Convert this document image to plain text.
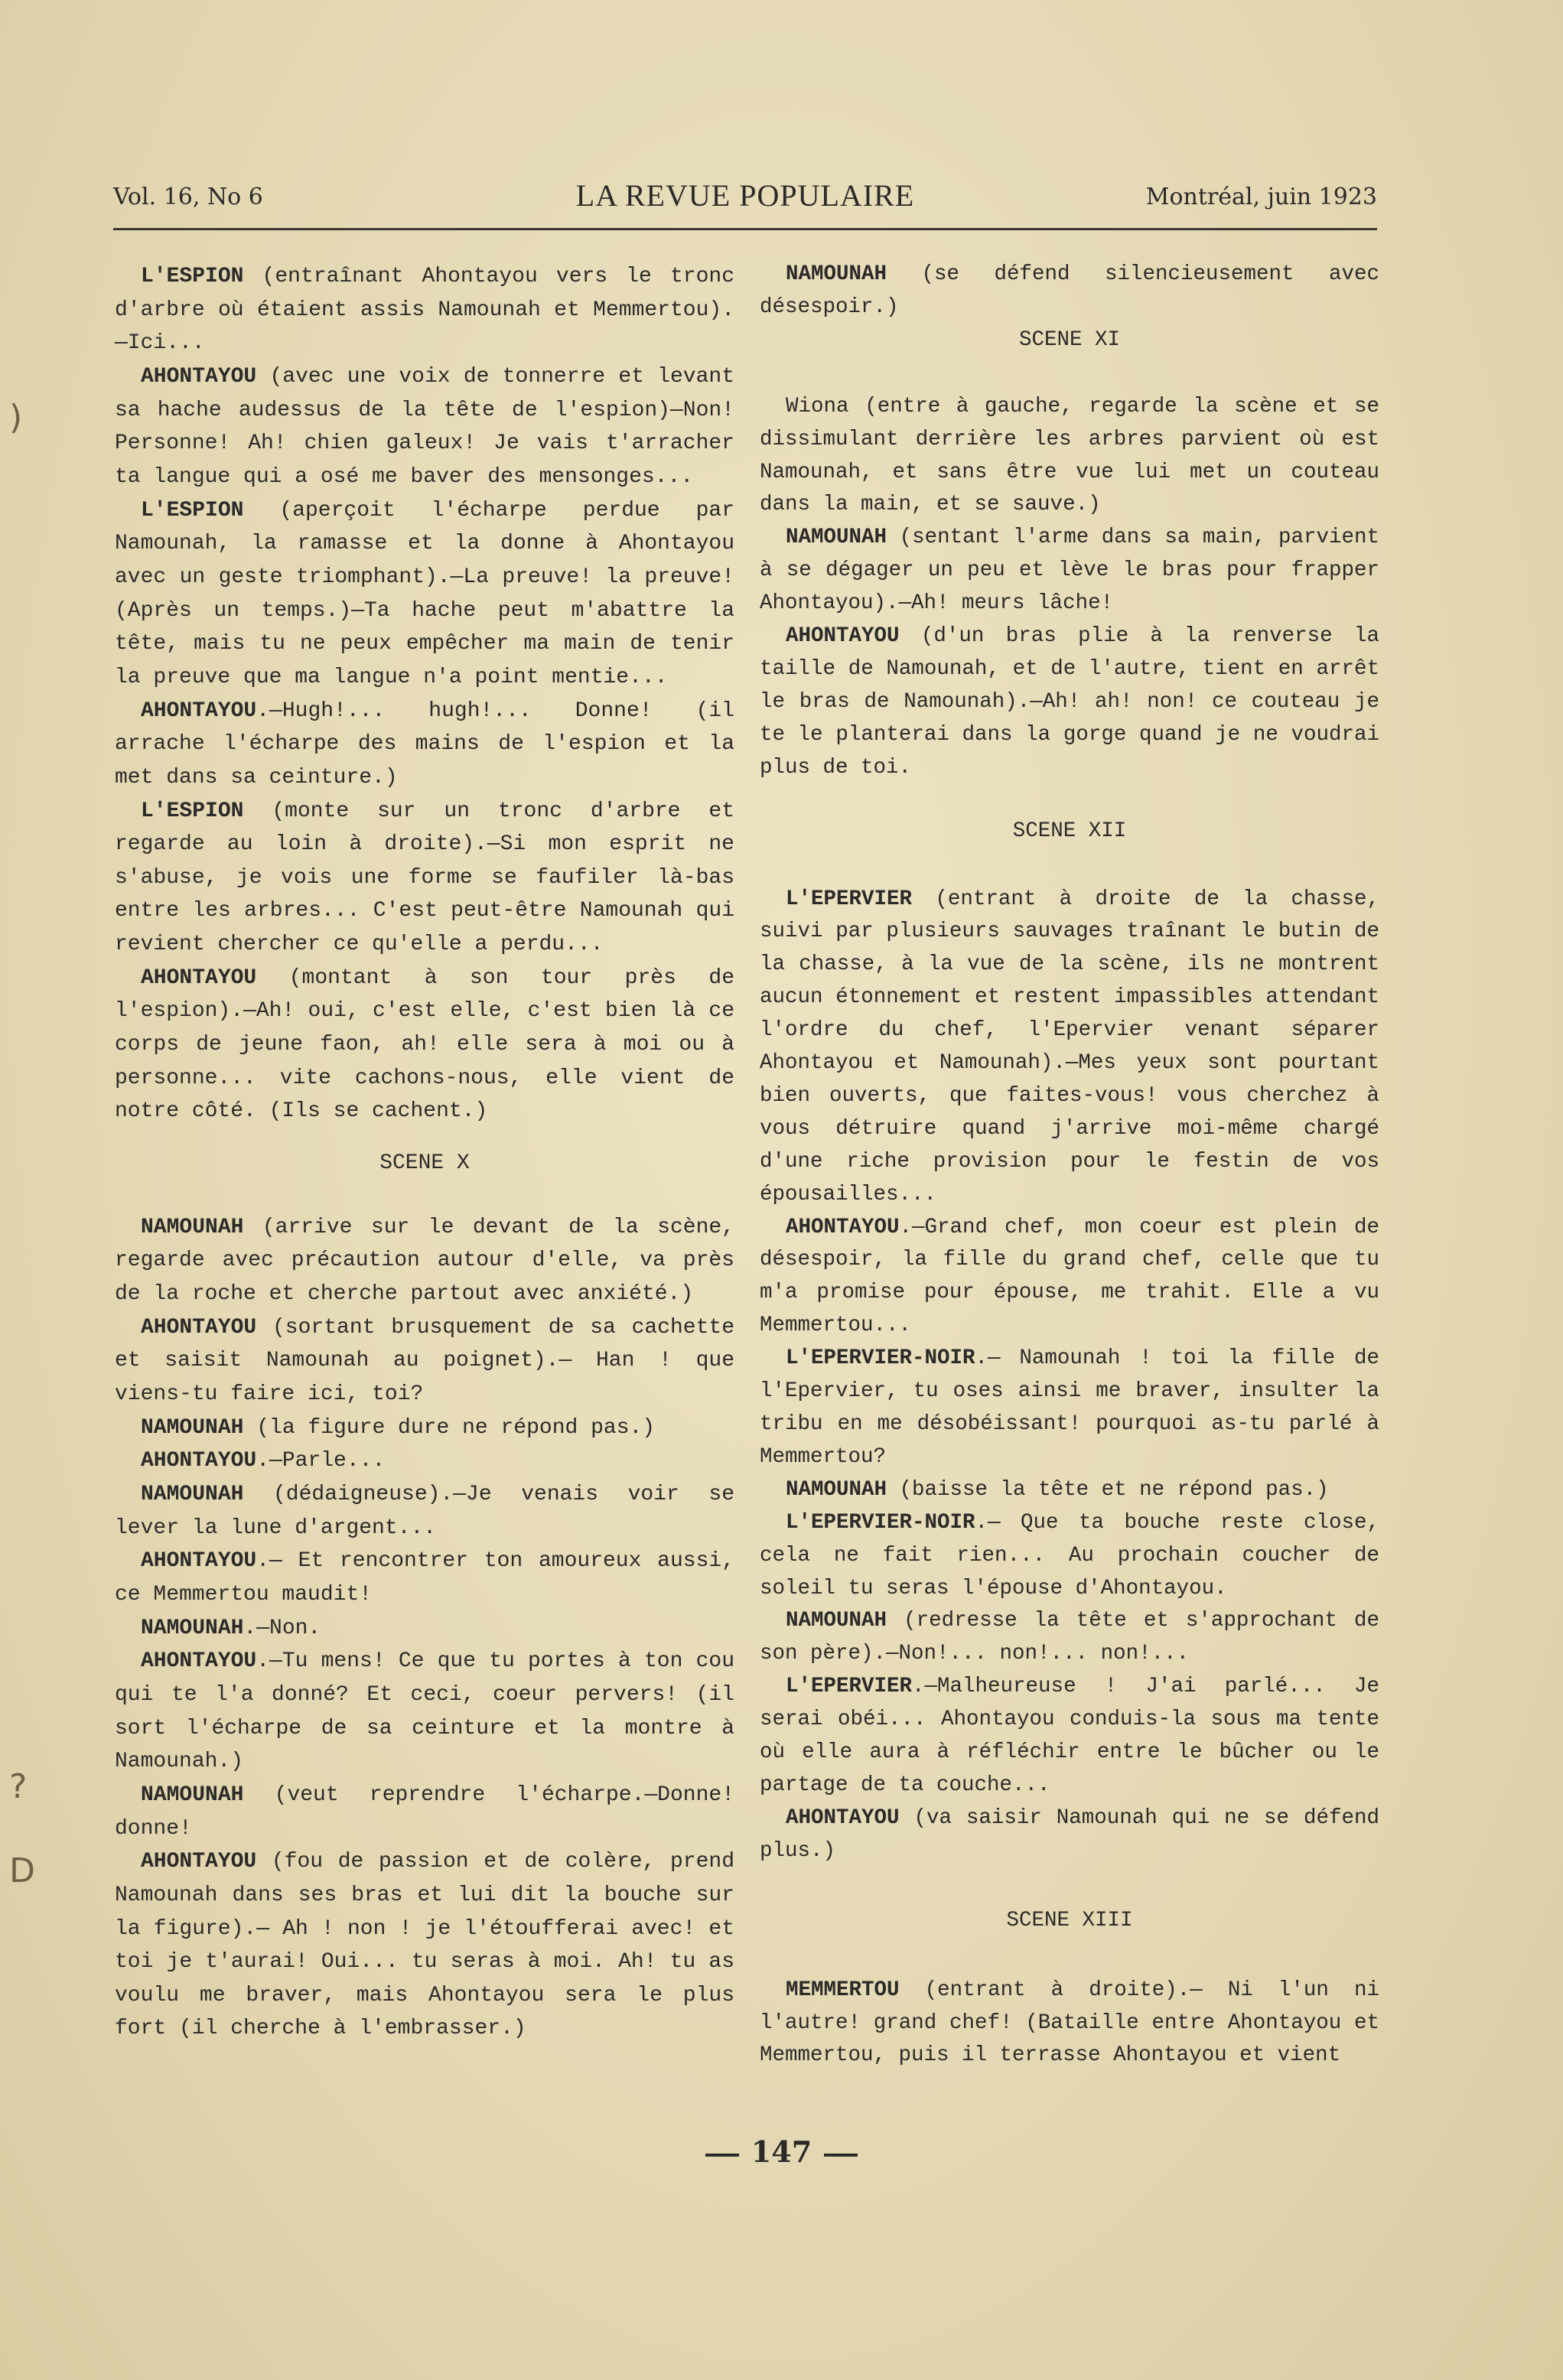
)
?
D
Vol. 16, No 6	LA REVUE POPULAIRE	Montréal, juin 1923

L'ESPION (entraînant Ahontayou vers le tronc d'arbre où étaient assis Namounah et Memmertou).—Ici...

AHONTAYOU (avec une voix de tonnerre et levant sa hache audessus de la tête de l'espion)—Non! Personne! Ah! chien galeux! Je vais t'arracher ta langue qui a osé me baver des mensonges...

L'ESPION (aperçoit l'écharpe perdue par Namounah, la ramasse et la donne à Ahontayou avec un geste triomphant).—La preuve! la preuve! (Après un temps.)—Ta hache peut m'abattre la tête, mais tu ne peux empêcher ma main de tenir la preuve que ma langue n'a point mentie...

AHONTAYOU.—Hugh!... hugh!... Donne! (il arrache l'écharpe des mains de l'espion et la met dans sa ceinture.)

L'ESPION (monte sur un tronc d'arbre et regarde au loin à droite).—Si mon esprit ne s'abuse, je vois une forme se faufiler là-bas entre les arbres... C'est peut-être Namounah qui revient chercher ce qu'elle a perdu...

AHONTAYOU (montant à son tour près de l'espion).—Ah! oui, c'est elle, c'est bien là ce corps de jeune faon, ah! elle sera à moi ou à personne... vite cachons-nous, elle vient de notre côté. (Ils se cachent.)

SCENE X

NAMOUNAH (arrive sur le devant de la scène, regarde avec précaution autour d'elle, va près de la roche et cherche partout avec anxiété.)

AHONTAYOU (sortant brusquement de sa cachette et saisit Namounah au poignet).— Han ! que viens-tu faire ici, toi?

NAMOUNAH (la figure dure ne répond pas.)

AHONTAYOU.—Parle...

NAMOUNAH (dédaigneuse).—Je venais voir se lever la lune d'argent...

AHONTAYOU.— Et rencontrer ton amoureux aussi, ce Memmertou maudit!

NAMOUNAH.—Non.

AHONTAYOU.—Tu mens! Ce que tu portes à ton cou qui te l'a donné? Et ceci, coeur pervers! (il sort l'écharpe de sa ceinture et la montre à Namounah.)

NAMOUNAH (veut reprendre l'écharpe.—Donne! donne!

AHONTAYOU (fou de passion et de colère, prend Namounah dans ses bras et lui dit la bouche sur la figure).— Ah ! non ! je l'étoufferai avec! et toi je t'aurai! Oui... tu seras à moi. Ah! tu as voulu me braver, mais Ahontayou sera le plus fort (il cherche à l'embrasser.)

NAMOUNAH (se défend silencieusement avec désespoir.)

SCENE XI

Wiona (entre à gauche, regarde la scène et se dissimulant derrière les arbres parvient où est Namounah, et sans être vue lui met un couteau dans la main, et se sauve.)

NAMOUNAH (sentant l'arme dans sa main, parvient à se dégager un peu et lève le bras pour frapper Ahontayou).—Ah! meurs lâche!

AHONTAYOU (d'un bras plie à la renverse la taille de Namounah, et de l'autre, tient en arrêt le bras de Namounah).—Ah! ah! non! ce couteau je te le planterai dans la gorge quand je ne voudrai plus de toi.

SCENE XII

L'EPERVIER (entrant à droite de la chasse, suivi par plusieurs sauvages traînant le butin de la chasse, à la vue de la scène, ils ne montrent aucun étonnement et restent impassibles attendant l'ordre du chef, l'Epervier venant séparer Ahontayou et Namounah).—Mes yeux sont pourtant bien ouverts, que faites-vous! vous cherchez à vous détruire quand j'arrive moi-même chargé d'une riche provision pour le festin de vos épousailles...

AHONTAYOU.—Grand chef, mon coeur est plein de désespoir, la fille du grand chef, celle que tu m'a promise pour épouse, me trahit. Elle a vu Memmertou...

L'EPERVIER-NOIR.— Namounah ! toi la fille de l'Epervier, tu oses ainsi me braver, insulter la tribu en me désobéissant! pourquoi as-tu parlé à Memmertou?

NAMOUNAH (baisse la tête et ne répond pas.)

L'EPERVIER-NOIR.— Que ta bouche reste close, cela ne fait rien... Au prochain coucher de soleil tu seras l'épouse d'Ahontayou.

NAMOUNAH (redresse la tête et s'approchant de son père).—Non!... non!... non!...

L'EPERVIER.—Malheureuse ! J'ai parlé... Je serai obéi... Ahontayou conduis-la sous ma tente où elle aura à réfléchir entre le bûcher ou le partage de ta couche...

AHONTAYOU (va saisir Namounah qui ne se défend plus.)

SCENE XIII

MEMMERTOU (entrant à droite).— Ni l'un ni l'autre! grand chef! (Bataille entre Ahontayou et Memmertou, puis il terrasse Ahontayou et vient

147
